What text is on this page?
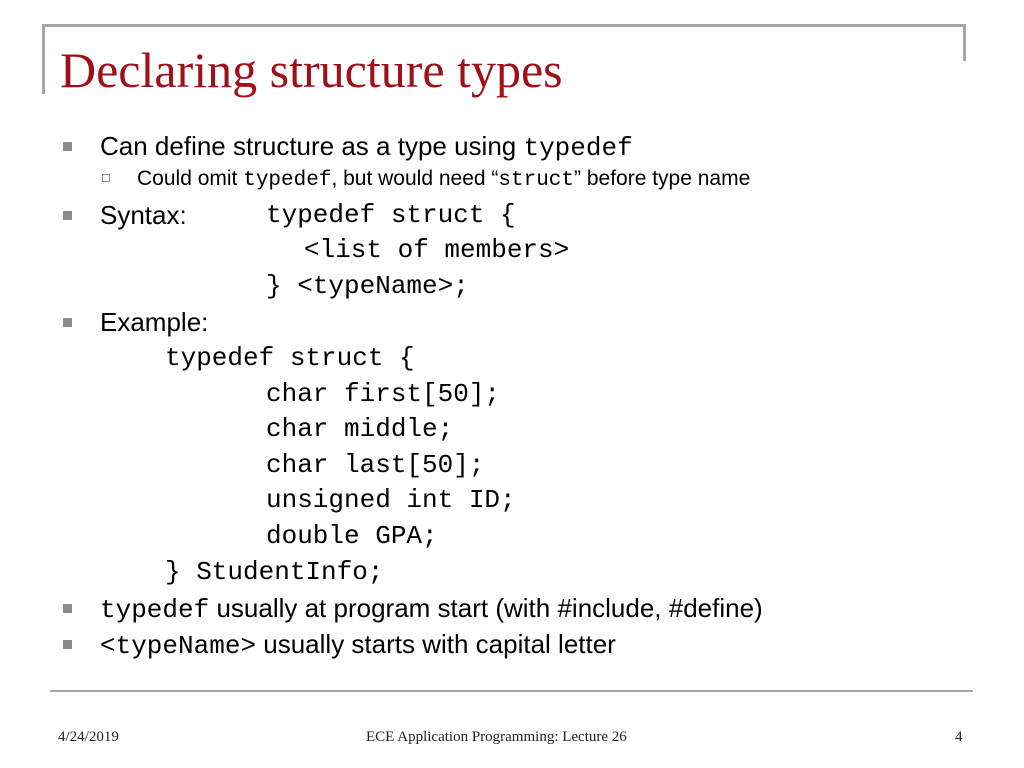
Declaring structure types
Can define structure as a type using typedef
Could omit typedef, but would need “struct” before type name
Syntax:	typedef struct {
<list of members>
} <typeName>;
Example:
typedef struct {
char first[50];
char middle;
char last[50];
unsigned int ID;
double GPA;
} StudentInfo;
typedef usually at program start (with #include, #define)
<typeName> usually starts with capital letter
4/24/2019	ECE Application Programming: Lecture 26	4
